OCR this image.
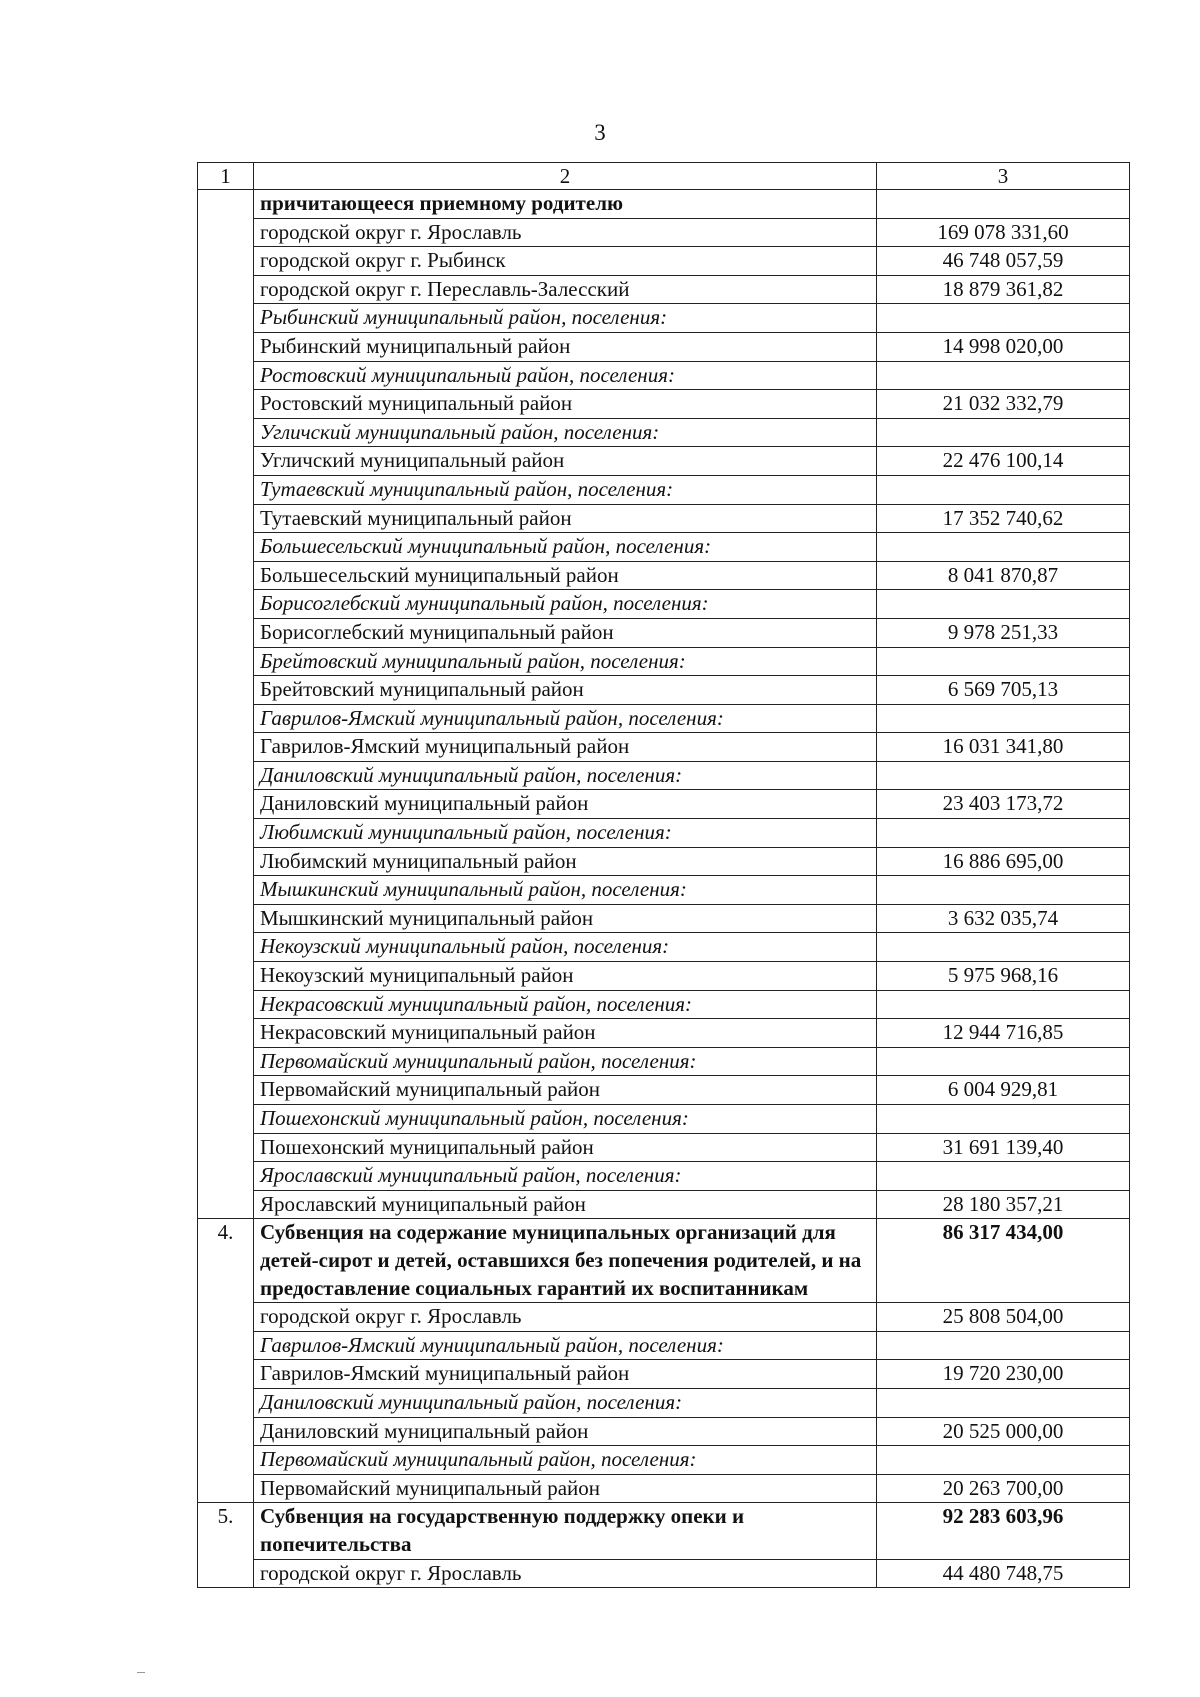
3
1	2	3
	причитающееся приемному родителю	
	городской округ г. Ярославль	169 078 331,60
	городской округ г. Рыбинск	46 748 057,59
	городской округ г. Переславль-Залесский	18 879 361,82
	Рыбинский муниципальный район, поселения:	
	Рыбинский муниципальный район	14 998 020,00
	Ростовский муниципальный район, поселения:	
	Ростовский муниципальный район	21 032 332,79
	Угличский муниципальный район, поселения:	
	Угличский муниципальный район	22 476 100,14
	Тутаевский муниципальный район, поселения:	
	Тутаевский муниципальный район	17 352 740,62
	Большесельский муниципальный район, поселения:	
	Большесельский муниципальный район	8 041 870,87
	Борисоглебский муниципальный район, поселения:	
	Борисоглебский муниципальный район	9 978 251,33
	Брейтовский муниципальный район, поселения:	
	Брейтовский муниципальный район	6 569 705,13
	Гаврилов-Ямский муниципальный район, поселения:	
	Гаврилов-Ямский муниципальный район	16 031 341,80
	Даниловский муниципальный район, поселения:	
	Даниловский муниципальный район	23 403 173,72
	Любимский муниципальный район, поселения:	
	Любимский муниципальный район	16 886 695,00
	Мышкинский муниципальный район, поселения:	
	Мышкинский муниципальный район	3 632 035,74
	Некоузский муниципальный район, поселения:	
	Некоузский муниципальный район	5 975 968,16
	Некрасовский муниципальный район, поселения:	
	Некрасовский муниципальный район	12 944 716,85
	Первомайский муниципальный район, поселения:	
	Первомайский муниципальный район	6 004 929,81
	Пошехонский муниципальный район, поселения:	
	Пошехонский муниципальный район	31 691 139,40
	Ярославский муниципальный район, поселения:	
	Ярославский муниципальный район	28 180 357,21
4.	Субвенция на содержание муниципальных организаций для детей-сирот и детей, оставшихся без попечения родителей, и на предоставление социальных гарантий их воспитанникам	86 317 434,00
	городской округ г. Ярославль	25 808 504,00
	Гаврилов-Ямский муниципальный район, поселения:	
	Гаврилов-Ямский муниципальный район	19 720 230,00
	Даниловский муниципальный район, поселения:	
	Даниловский муниципальный район	20 525 000,00
	Первомайский муниципальный район, поселения:	
	Первомайский муниципальный район	20 263 700,00
5.	Субвенция на государственную поддержку опеки и попечительства	92 283 603,96
	городской округ г. Ярославль	44 480 748,75
